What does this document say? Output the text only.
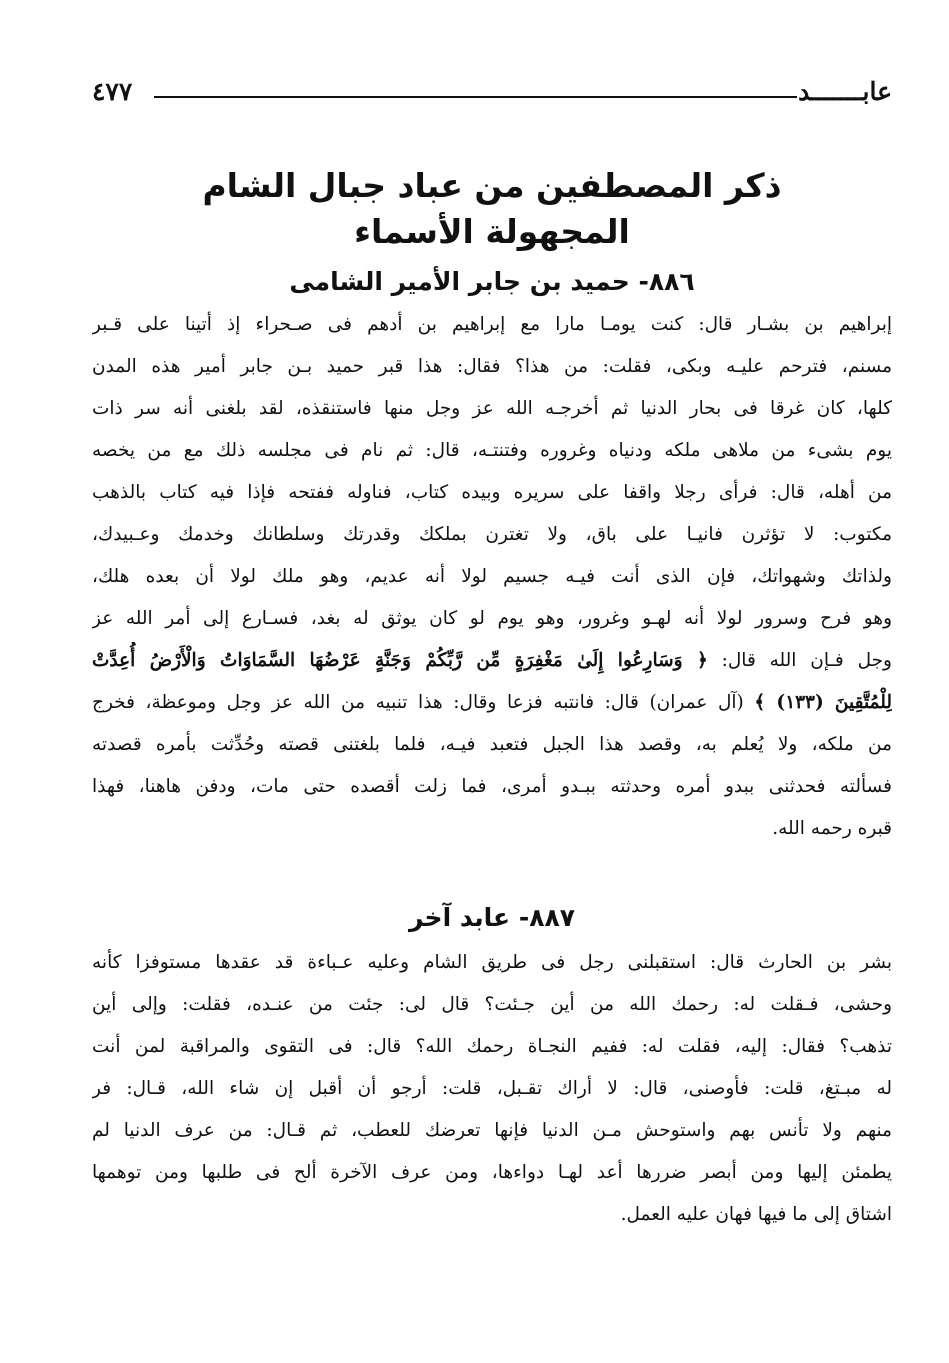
عابـــــــد
٤٧٧
ذكر المصطفين من عباد جبال الشام
المجهولة الأسماء
٨٨٦- حميد بن جابر الأمير الشامى
إبراهيم بن بشـار قال: كنت يومـا مارا مع إبراهيم بن أدهم فى صـحراء إذ أتينا على قـبر
مسنم، فترحم عليـه وبكى، فقلت: من هذا؟ فقال: هذا قبر حميد بـن جابر أمير هذه المدن
كلها، كان غرقا فى بحار الدنيا ثم أخرجـه الله عز وجل منها فاستنقذه، لقد بلغنى أنه سر ذات
يوم بشىء من ملاهى ملكه ودنياه وغروره وفتنتـه، قال: ثم نام فى مجلسه ذلك مع من يخصه
من أهله، قال: فرأى رجلا واقفا على سريره وبيده كتاب، فناوله ففتحه فإذا فيه كتاب بالذهب
مكتوب: لا تؤثرن فانيـا على باق، ولا تغترن بملكك وقدرتك وسلطانك وخدمك وعـبيدك،
ولذاتك وشهواتك، فإن الذى أنت فيـه جسيم لولا أنه عديم، وهو ملك لولا أن بعده هلك،
وهو فرح وسرور لولا أنه لهـو وغرور، وهو يوم لو كان يوثق له بغد، فسـارع إلى أمر الله عز
وجل فـإن الله قال: ﴿ وَسَارِعُوا إِلَىٰ مَغْفِرَةٍ مِّن رَّبِّكُمْ وَجَنَّةٍ عَرْضُهَا السَّمَاوَاتُ وَالْأَرْضُ أُعِدَّتْ
لِلْمُتَّقِينَ (١٣٣) ﴾ (آل عمران) قال: فانتبه فزعا وقال: هذا تنبيه من الله عز وجل وموعظة، فخرج
من ملكه، ولا يُعلم به، وقصد هذا الجبل فتعبد فيـه، فلما بلغتنى قصته وحُدِّثت بأمره قصدته
فسألته فحدثنى ببدو أمره وحدثته ببـدو أمرى، فما زلت أقصده حتى مات، ودفن هاهنا، فهذا
قبره رحمه الله.
٨٨٧- عابد آخر
بشر بن الحارث قال: استقبلنى رجل فى طريق الشام وعليه عـباءة قد عقدها مستوفزا كأنه
وحشى، فـقلت له: رحمك الله من أين جـئت؟ قال لى: جئت من عنـده، فقلت: وإلى أين
تذهب؟ فقال: إليه، فقلت له: ففيم النجـاة رحمك الله؟ قال: فى التقوى والمراقبة لمن أنت
له مبـتغ، قلت: فأوصنى، قال: لا أراك تقـبل، قلت: أرجو أن أقبل إن شاء الله، قـال: فر
منهم ولا تأنس بهم واستوحش مـن الدنيا فإنها تعرضك للعطب، ثم قـال: من عرف الدنيا لم
يطمئن إليها ومن أبصر ضررها أعد لهـا دواءها، ومن عرف الآخرة ألح فى طلبها ومن توهمها
اشتاق إلى ما فيها فهان عليه العمل.
